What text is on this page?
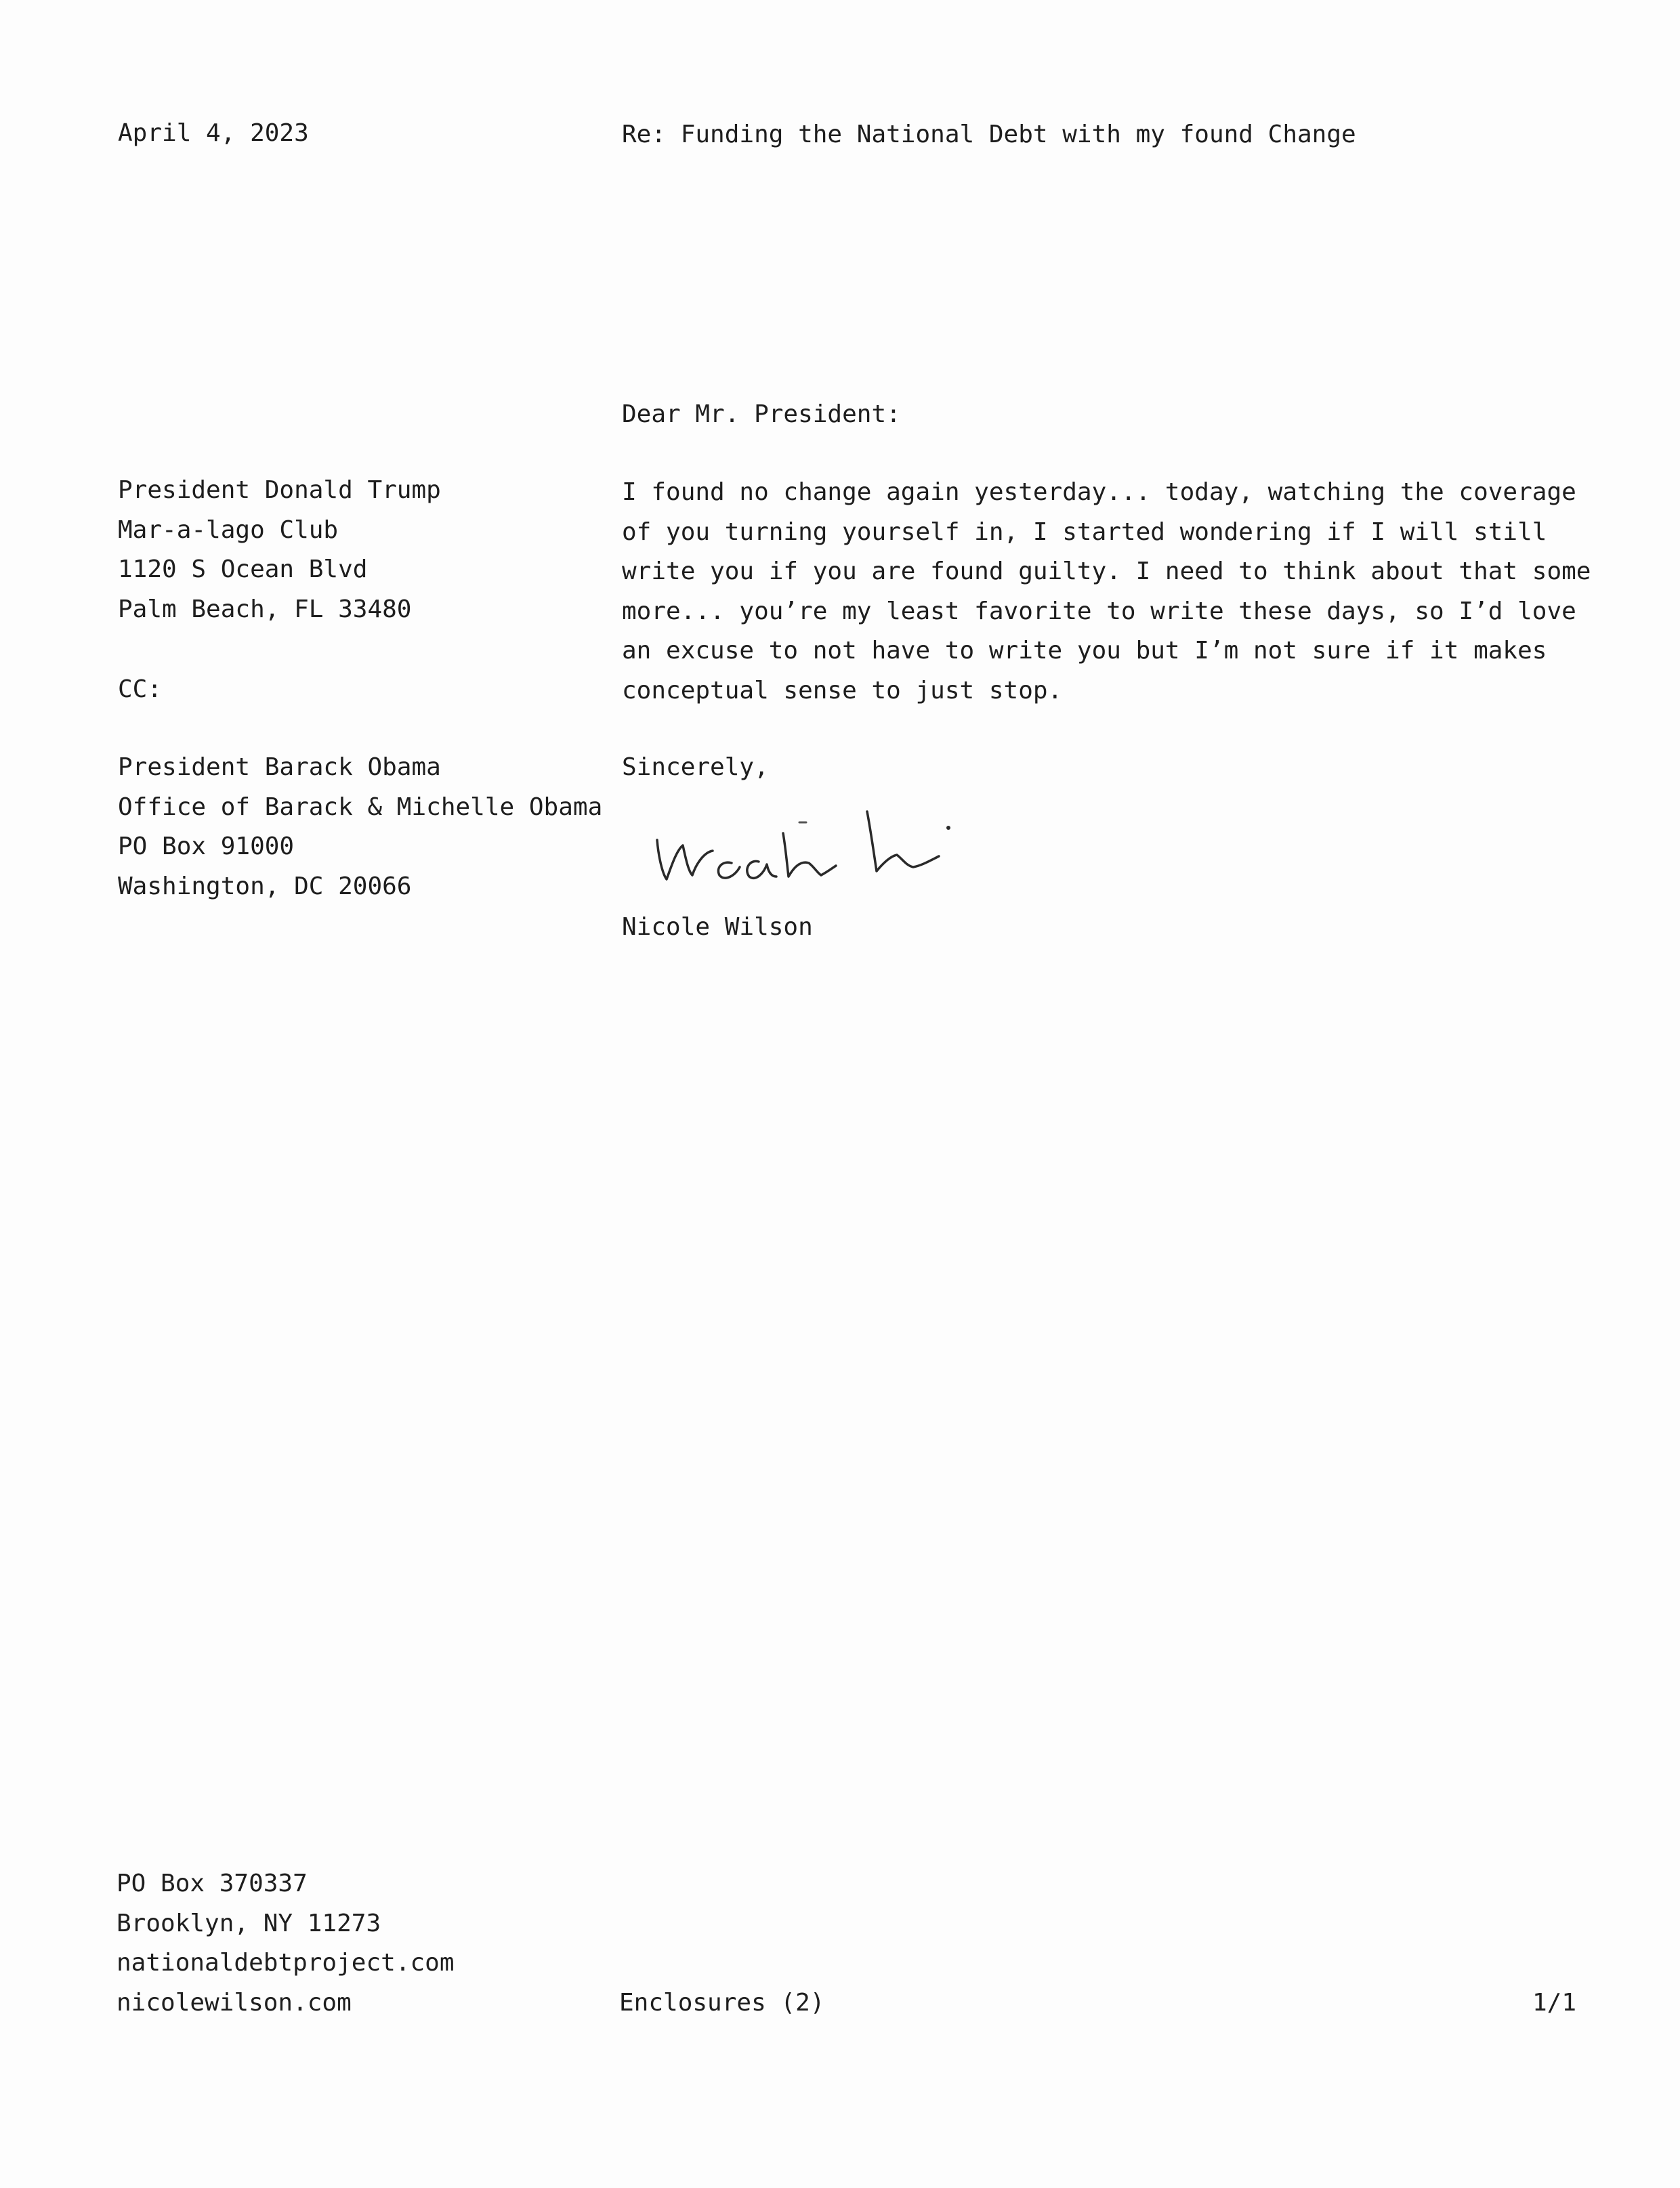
April 4, 2023	Re: Funding the National Debt with my found Change
Dear Mr. President:
President Donald Trump
Mar-a-lago Club
1120 S Ocean Blvd
Palm Beach, FL 33480
CC:
President Barack Obama
Office of Barack & Michelle Obama
PO Box 91000
Washington, DC 20066
I found no change again yesterday... today, watching the coverage
of you turning yourself in, I started wondering if I will still
write you if you are found guilty. I need to think about that some
more... you’re my least favorite to write these days, so I’d love
an excuse to not have to write you but I’m not sure if it makes
conceptual sense to just stop.
Sincerely,
Nicole Wilson
PO Box 370337
Brooklyn, NY 11273
nationaldebtproject.com
nicolewilson.com	Enclosures (2)	1/1
